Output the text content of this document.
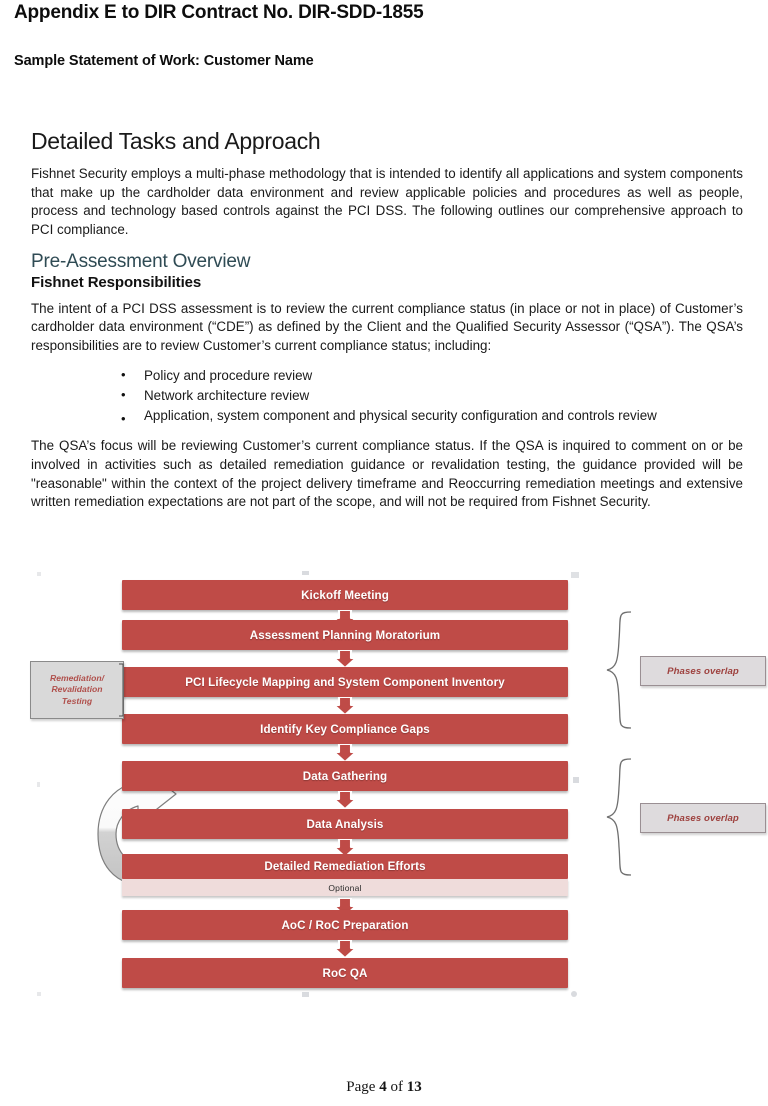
Appendix E to DIR Contract No. DIR-SDD-1855
Sample Statement of Work: Customer Name
Detailed Tasks and Approach

Fishnet Security employs a multi-phase methodology that is intended to identify all applications and system components that make up the cardholder data environment and review applicable policies and procedures as well as people, process and technology based controls against the PCI DSS. The following outlines our comprehensive approach to PCI compliance.

Pre-Assessment Overview
Fishnet Responsibilities

The intent of a PCI DSS assessment is to review the current compliance status (in place or not in place) of Customer’s cardholder data environment (“CDE”) as defined by the Client and the Qualified Security Assessor (“QSA”). The QSA’s responsibilities are to review Customer’s current compliance status; including:

• Policy and procedure review
• Network architecture review
• Application, system component and physical security configuration and controls review

The QSA’s focus will be reviewing Customer’s current compliance status. If the QSA is inquired to comment on or be involved in activities such as detailed remediation guidance or revalidation testing, the guidance provided will be "reasonable" within the context of the project delivery timeframe and Reoccurring remediation meetings and extensive written remediation expectations are not part of the scope, and will not be required from Fishnet Security.

Kickoff Meeting
Assessment Planning Moratorium
PCI Lifecycle Mapping and System Component Inventory
Identify Key Compliance Gaps
Data Gathering
Data Analysis
Detailed Remediation Efforts
Optional
AoC / RoC Preparation
RoC QA
Phases overlap
Phases overlap
Remediation/
Revalidation
Testing
Page 4 of 13
